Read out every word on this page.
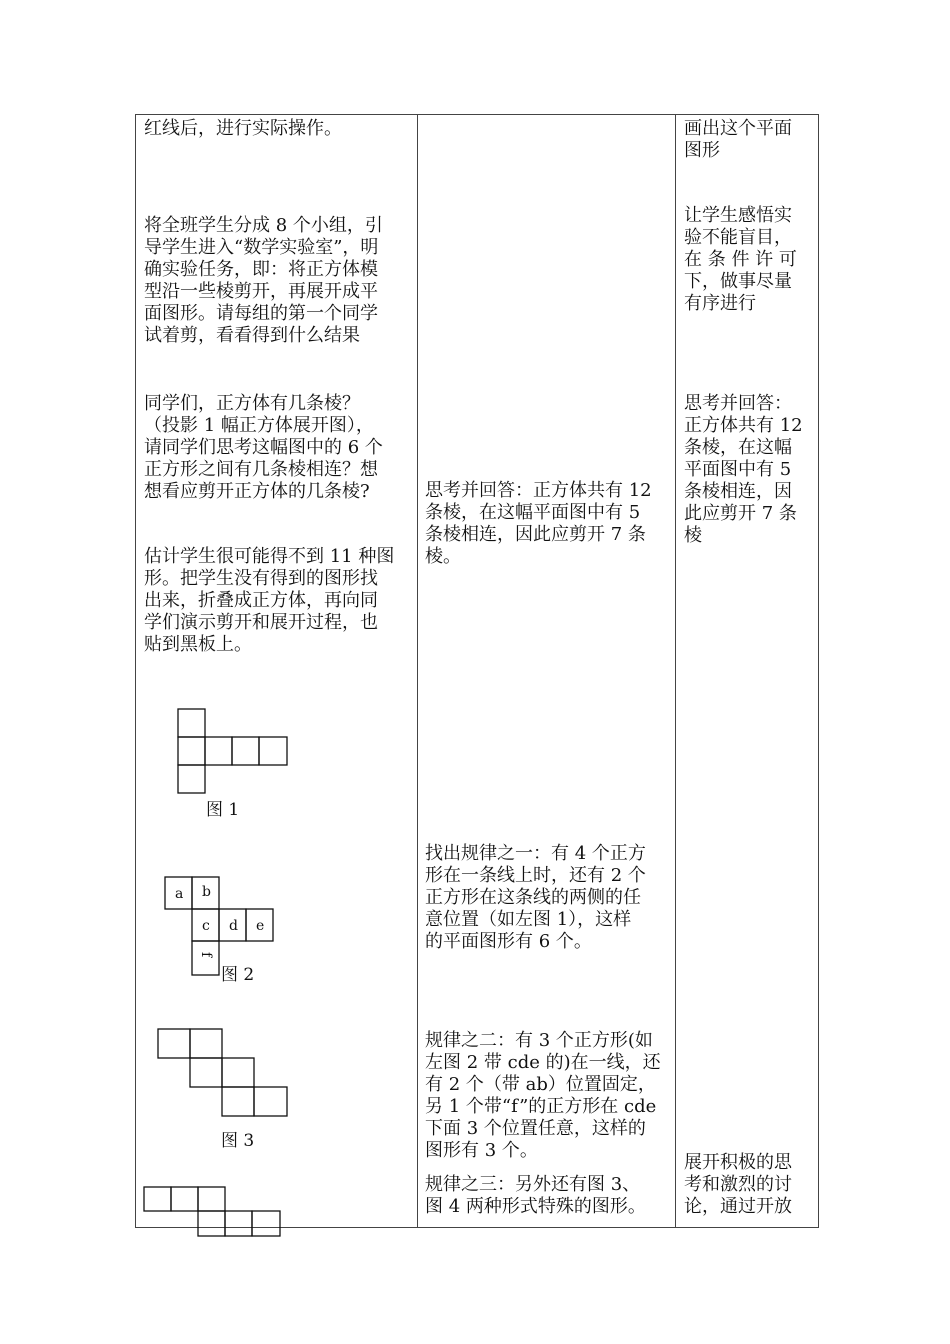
红线后，进行实际操作。
将全班学生分成 8 个小组，引
导学生进入“数学实验室”，明
确实验任务，即：将正方体模
型沿一些棱剪开，再展开成平
面图形。请每组的第一个同学
试着剪，看看得到什么结果
同学们，正方体有几条棱？
（投影 1 幅正方体展开图），
请同学们思考这幅图中的 6 个
正方形之间有几条棱相连？想
想看应剪开正方体的几条棱?
估计学生很可能得不到 11 种图
形。把学生没有得到的图形找
出来，折叠成正方体，再向同
学们演示剪开和展开过程，也
贴到黑板上。
图 1
a b
c d e
f
图 2
图 3
思考并回答：正方体共有 12
条棱，在这幅平面图中有 5
条棱相连，因此应剪开 7 条
棱。
找出规律之一：有 4 个正方
形在一条线上时，还有 2 个
正方形在这条线的两侧的任
意位置（如左图 1），这样
的平面图形有 6 个。
规律之二：有 3 个正方形(如
左图 2 带 cde 的)在一线，还
有 2 个（带 ab）位置固定，
另 1 个带“f”的正方形在 cde
下面 3 个位置任意，这样的
图形有 3 个。
规律之三：另外还有图 3、
图 4 两种形式特殊的图形。
画出这个平面
图形
让学生感悟实
验不能盲目，
在 条 件 许 可
下，做事尽量
有序进行
思考并回答：
正方体共有 12
条棱，在这幅
平面图中有 5
条棱相连，因
此应剪开 7 条
棱
展开积极的思
考和激烈的讨
论，通过开放
